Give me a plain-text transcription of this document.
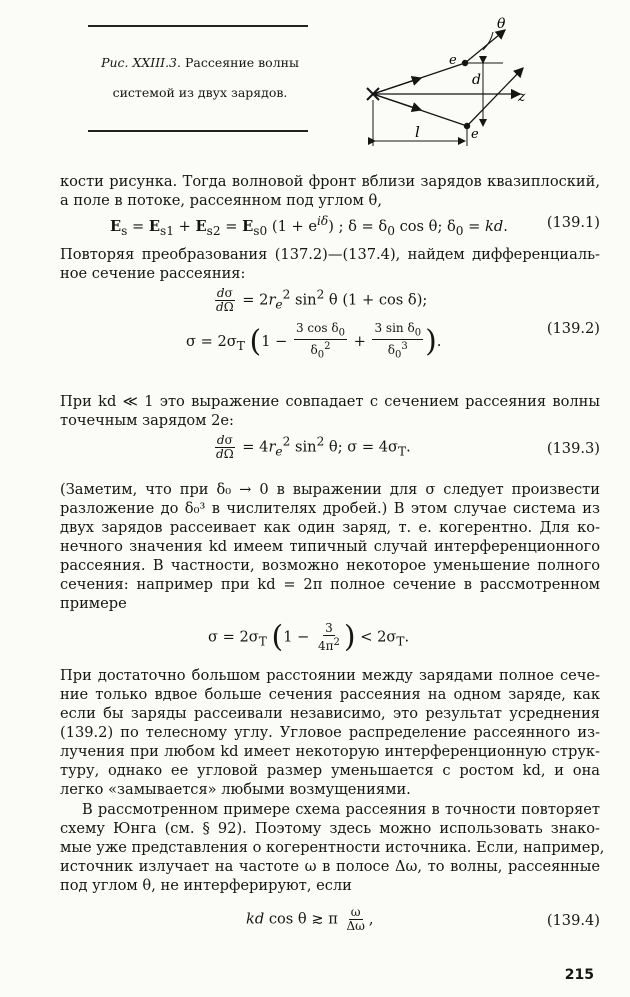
Рис. XXIII.3. Рассеяние волны
системой из двух зарядов.
θ
e
d
z
l	e
кости рисунка. Тогда волновой фронт вблизи зарядов квазиплоский,
а поле в потоке, рассеянном под углом θ,
$E_s = E_{s1} + E_{s2} = E_{s0}$ $(1 + e^{i\delta})$ ; $\delta = \delta_0$ cos θ; $\delta_0$ = kd.	(139.1)
Повторяя преобразования (137.2)—(137.4), найдем дифференциаль-
ное сечение рассеяния:
$\frac{d\sigma}{d\Omega} = 2r_e^2$ $\sin^2 \theta$ (1 + cos δ);
$\sigma = 2\sigma_T$ ($1 - \frac{3 \cos \delta_0}{\delta_0^2} + \frac{3 \sin \delta_0}{\delta_0^3}$ ).
(139.2)
При kd ≪ 1 это выражение совпадает с сечением рассеяния волны
точечным зарядом 2e:
$\frac{d\sigma}{d\Omega} = 4r_e^2$ $\sin^2 \theta$; $\sigma = 4\sigma_T$.	(139.3)
(Заметим, что при δ₀ → 0 в выражении для σ следует произвести
разложение до δ₀³ в числителях дробей.) В этом случае система из
двух зарядов рассеивает как один заряд, т. е. когерентно. Для ко-
нечного значения kd имеем типичный случай интерференционного
рассеяния. В частности, возможно некоторое уменьшение полного
сечения: например при kd = 2π полное сечение в рассмотренном
примере
$\sigma = 2\sigma_T$ ($1 - \frac{3}{4\pi^2}$ ) < $2\sigma_T$.
При достаточно большом расстоянии между зарядами полное сече-
ние только вдвое больше сечения рассеяния на одном заряде, как
если бы заряды рассеивали независимо, это результат усреднения
(139.2) по телесному углу. Угловое распределение рассеянного из-
лучения при любом kd имеет некоторую интерференционную струк-
туру, однако ее угловой размер уменьшается с ростом kd, и она
легко «замывается» любыми возмущениями.
В рассмотренном примере схема рассеяния в точности повторяет
схему Юнга (см. § 92). Поэтому здесь можно использовать знако-
мые уже представления о когерентности источника. Если, например,
источник излучает на частоте ω в полосе Δω, то волны, рассеянные
под углом θ, не интерферируют, если
kd cos θ ≳ π $\frac{\omega}{\Delta\omega}$ ,	(139.4)
215
